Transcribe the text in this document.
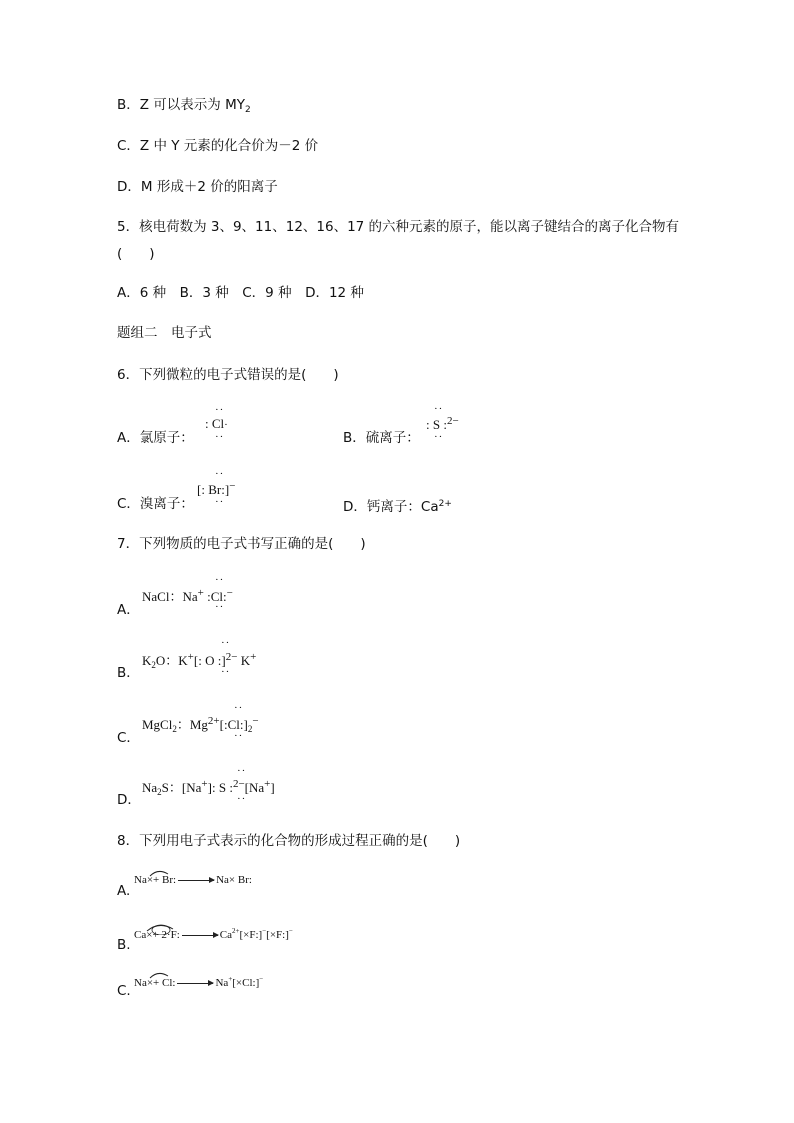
B．Z 可以表示为 $MY_2$
C．Z 中 Y 元素的化合价为－2 价
D．M 形成＋2 价的阳离子
5．核电荷数为 3、9、11、12、16、17 的六种元素的原子，能以离子键结合的离子化合物有
(　　)
A．6 种　B．3 种　C．9 种　D．12 种
题组二　电子式
6．下列微粒的电子式错误的是(　　)
A．氯原子：
: Cl·
··
··	B．硫离子：
: S :$^{2-}$
··
··
C．溴离子：
[: Br:]−
··
··	D．钙离子：$Ca^{2+}$
7．下列物质的电子式书写正确的是(　　)
A．
NaCl：Na+ :Cl:−
··
··
B．
$K_2O$：K+[: O :]$^{2-}$ K+
··
··
C．
MgCl$_2$：$Mg^{2+}[:Cl:]_2^-$
··
··
D．
$Na_2S$：[Na+]: S :$^{2-}$[Na+]
··
··
8．下列用电子式表示的化合物的形成过程正确的是(　　)
A.
Na×+ Br: → Na× Br:
B.
Ca×+ 2·F: → $Ca^{2+}[\times F:]^-[\times F:]^-$
C. Na×+ Cl: → Na+[×Cl:]−
